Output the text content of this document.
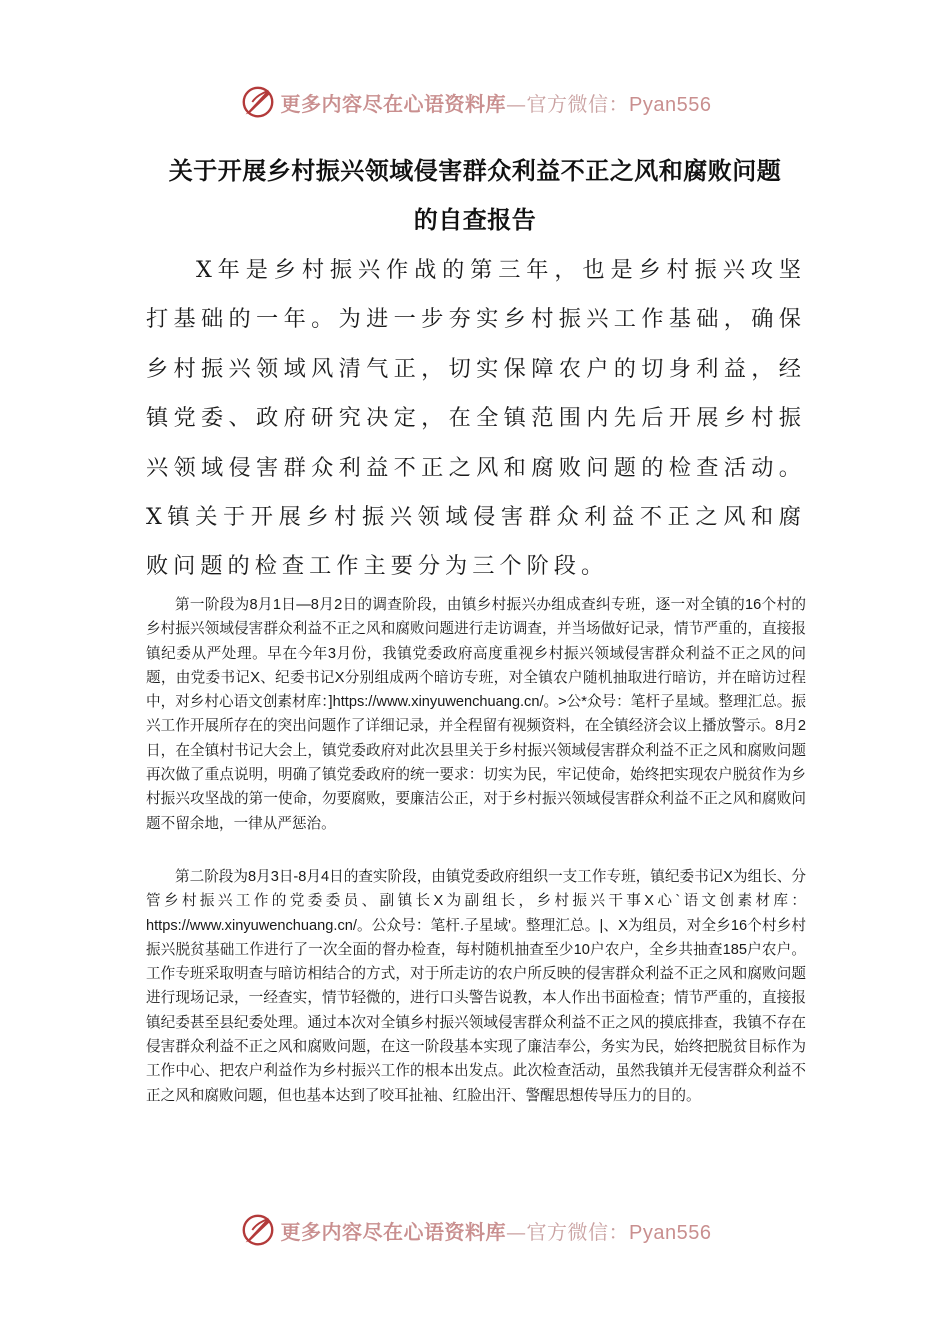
更多内容尽在心语资料库—官方微信：Pyan556
关于开展乡村振兴领域侵害群众利益不正之风和腐败问题
的自查报告

X年是乡村振兴作战的第三年，也是乡村振兴攻坚打基础的一年。为进一步夯实乡村振兴工作基础，确保乡村振兴领域风清气正，切实保障农户的切身利益，经镇党委、政府研究决定，在全镇范围内先后开展乡村振兴领域侵害群众利益不正之风和腐败问题的检查活动。X镇关于开展乡村振兴领域侵害群众利益不正之风和腐败问题的检查工作主要分为三个阶段。

第一阶段为8月1日—8月2日的调查阶段，由镇乡村振兴办组成查纠专班，逐一对全镇的16个村的乡村振兴领域侵害群众利益不正之风和腐败问题进行走访调查，并当场做好记录，情节严重的，直接报镇纪委从严处理。早在今年3月份，我镇党委政府高度重视乡村振兴领域侵害群众利益不正之风的问题，由党委书记X、纪委书记X分别组成两个暗访专班，对全镇农户随机抽取进行暗访，并在暗访过程中，对乡村心语文创素材库：]https://www.xinyuwenchuang.cn/。>公*众号：笔杆子星域。整理汇总。振兴工作开展所存在的突出问题作了详细记录，并全程留有视频资料，在全镇经济会议上播放警示。8月2日，在全镇村书记大会上，镇党委政府对此次县里关于乡村振兴领域侵害群众利益不正之风和腐败问题再次做了重点说明，明确了镇党委政府的统一要求：切实为民，牢记使命，始终把实现农户脱贫作为乡村振兴攻坚战的第一使命，勿要腐败，要廉洁公正，对于乡村振兴领域侵害群众利益不正之风和腐败问题不留余地，一律从严惩治。

第二阶段为8月3日-8月4日的查实阶段，由镇党委政府组织一支工作专班，镇纪委书记X为组长、分管乡村振兴工作的党委委员、副镇长X为副组长，乡村振兴干事X心`语文创素材库：https://www.xinyuwenchuang.cn/。公众号：笔杆.子星域'。整理汇总。|、X为组员，对全乡16个村乡村振兴脱贫基础工作进行了一次全面的督办检查，每村随机抽查至少10户农户，全乡共抽查185户农户。工作专班采取明查与暗访相结合的方式，对于所走访的农户所反映的侵害群众利益不正之风和腐败问题进行现场记录，一经查实，情节轻微的，进行口头警告说教，本人作出书面检查；情节严重的，直接报镇纪委甚至县纪委处理。通过本次对全镇乡村振兴领域侵害群众利益不正之风的摸底排查，我镇不存在侵害群众利益不正之风和腐败问题，在这一阶段基本实现了廉洁奉公，务实为民，始终把脱贫目标作为工作中心、把农户利益作为乡村振兴工作的根本出发点。此次检查活动，虽然我镇并无侵害群众利益不正之风和腐败问题，但也基本达到了咬耳扯袖、红脸出汗、警醒思想传导压力的目的。

更多内容尽在心语资料库—官方微信：Pyan556
